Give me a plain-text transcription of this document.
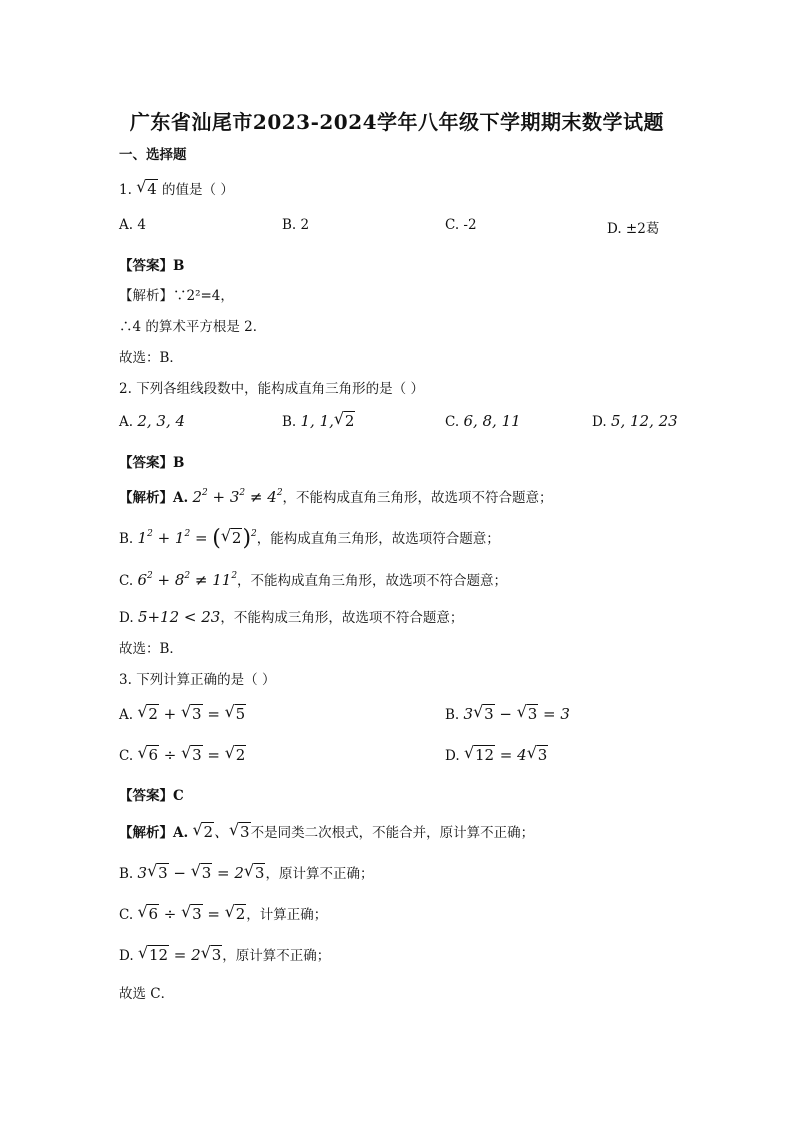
广东省汕尾市2023-2024学年八年级下学期期末数学试题
一、选择题
1. √ 4 的值是（ ）
A. 4	B. 2	C. -2	D. ±2葛
【答案】B
【解析】∵2²=4，
∴4 的算术平方根是 2．
故选：B．
2. 下列各组线段数中，能构成直角三角形的是（ ）
A. 2, 3, 4	B. 1, 1, √ 2	C. 6, 8, 11	D. 5, 12, 23
【答案】B
【解析】A. $2^2 + 3^2 \ne 4^2$，不能构成直角三角形，故选项不符合题意；
B. $1^2 + 1^2$ = ( √ 2)$^2$，能构成直角三角形，故选项符合题意；
C. $6^2 + 8^2 \ne 11^2$，不能构成直角三角形，故选项不符合题意；
D. 5+12 < 23，不能构成三角形，故选项不符合题意；
故选：B．
3. 下列计算正确的是（ ）
A. √ 2 + √ 3 = √ 5	B. 3 √ 3 − √ 3 = 3
C. √ 6 ÷ √ 3 = √ 2	D. √ 12 = 4 √ 3
【答案】C
【解析】A. √ 2、 √ 3不是同类二次根式，不能合并，原计算不正确；
B. 3 √ 3 − √ 3 = 2 √ 3，原计算不正确；
C. √ 6 ÷ √ 3 = √ 2，计算正确；
D. √ 12 = 2 √ 3，原计算不正确；
故选 C．
